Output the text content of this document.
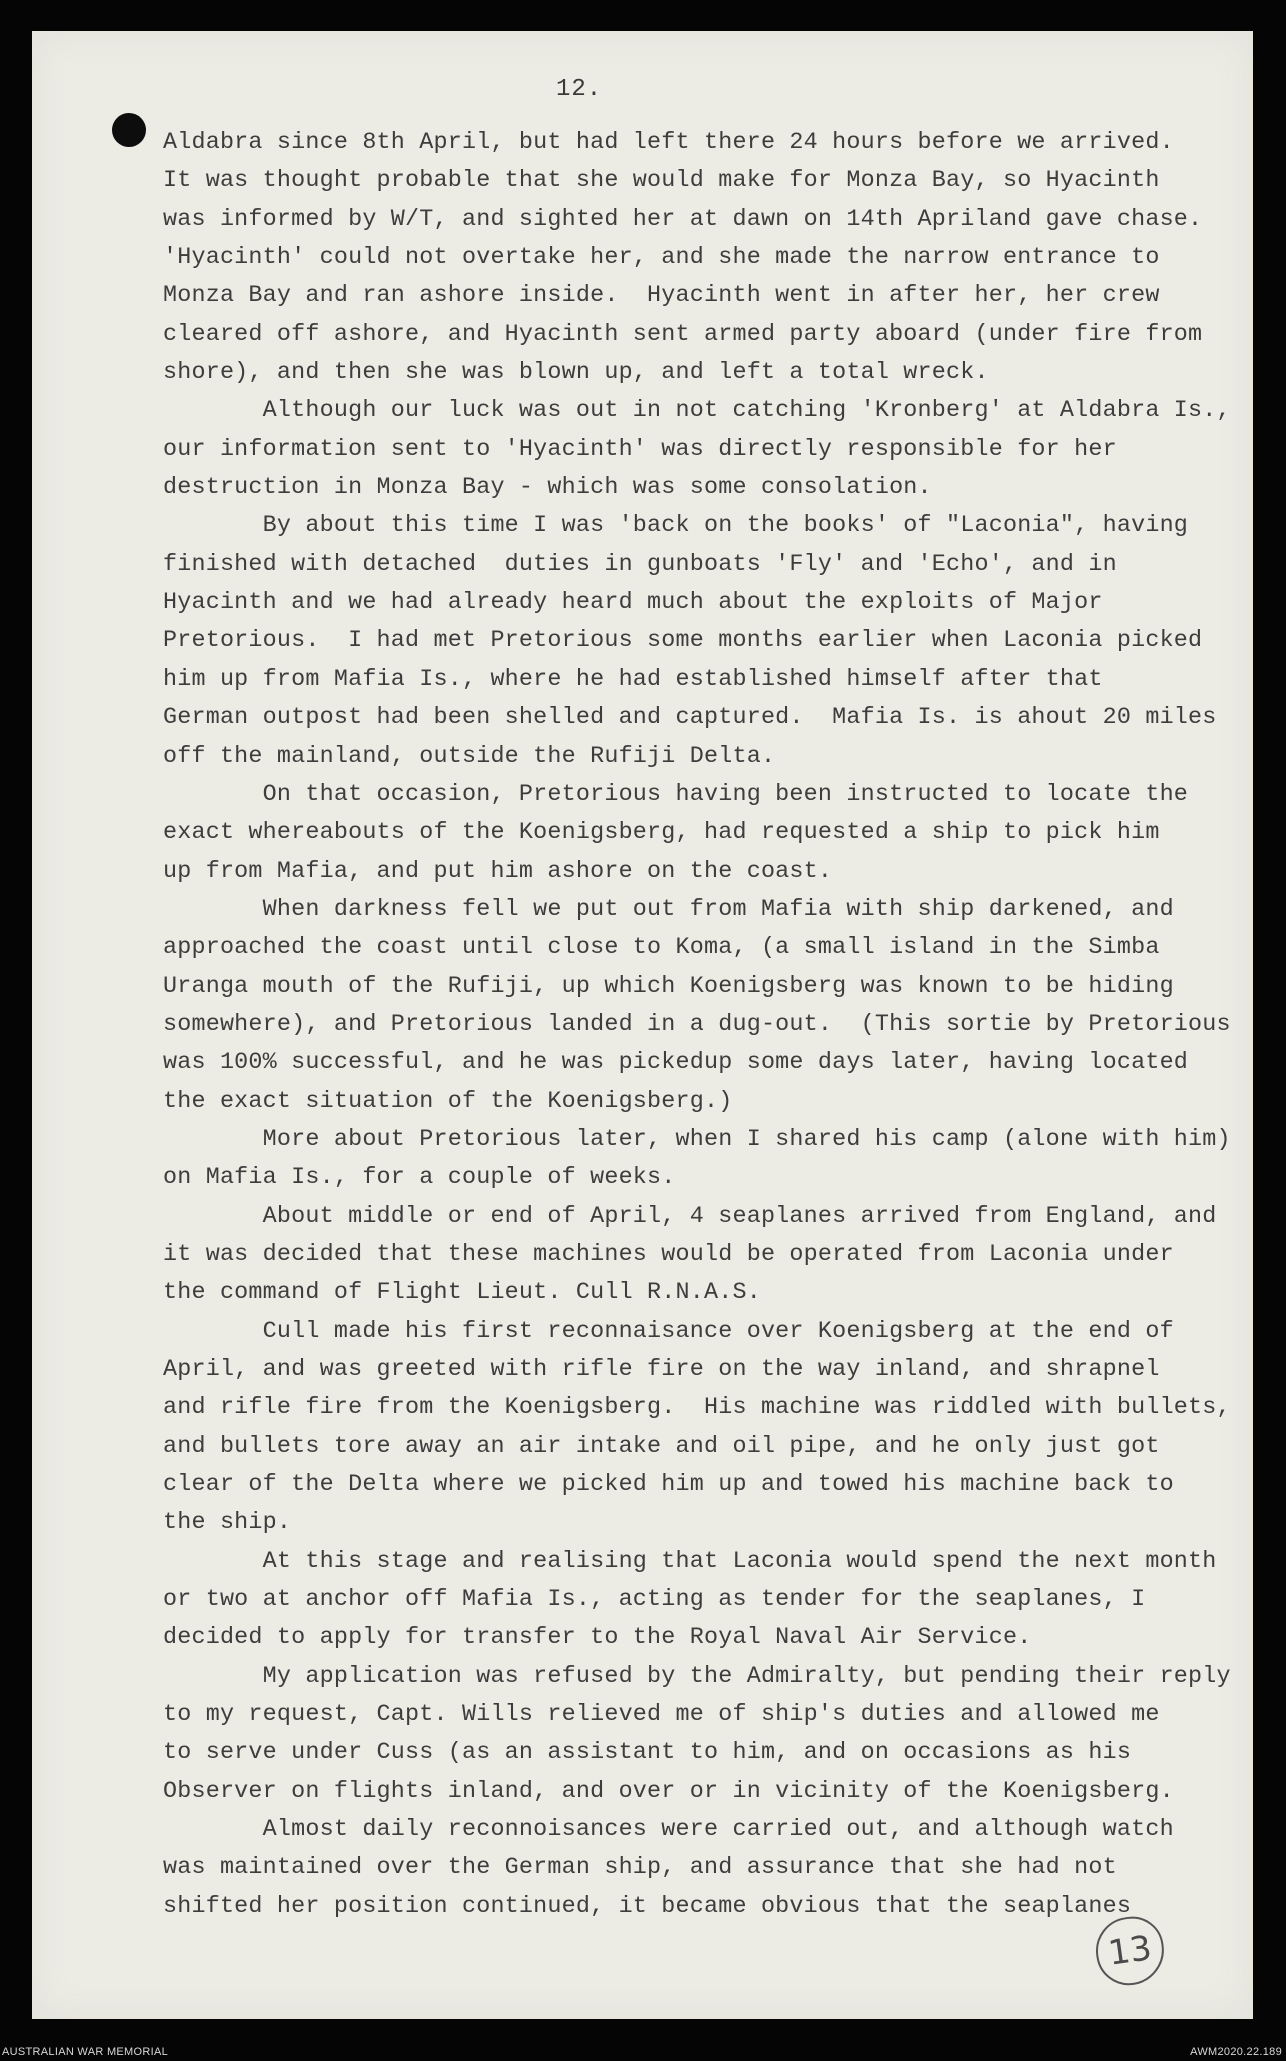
12.
Aldabra since 8th April, but had left there 24 hours before we arrived.
It was thought probable that she would make for Monza Bay, so Hyacinth
was informed by W/T, and sighted her at dawn on 14th Apriland gave chase.
'Hyacinth' could not overtake her, and she made the narrow entrance to
Monza Bay and ran ashore inside.  Hyacinth went in after her, her crew
cleared off ashore, and Hyacinth sent armed party aboard (under fire from
shore), and then she was blown up, and left a total wreck.
Although our luck was out in not catching 'Kronberg' at Aldabra Is.,
our information sent to 'Hyacinth' was directly responsible for her
destruction in Monza Bay - which was some consolation.
By about this time I was 'back on the books' of "Laconia", having
finished with detached  duties in gunboats 'Fly' and 'Echo', and in
Hyacinth and we had already heard much about the exploits of Major
Pretorious.  I had met Pretorious some months earlier when Laconia picked
him up from Mafia Is., where he had established himself after that
German outpost had been shelled and captured.  Mafia Is. is ahout 20 miles
off the mainland, outside the Rufiji Delta.
On that occasion, Pretorious having been instructed to locate the
exact whereabouts of the Koenigsberg, had requested a ship to pick him
up from Mafia, and put him ashore on the coast.
When darkness fell we put out from Mafia with ship darkened, and
approached the coast until close to Koma, (a small island in the Simba
Uranga mouth of the Rufiji, up which Koenigsberg was known to be hiding
somewhere), and Pretorious landed in a dug-out.  (This sortie by Pretorious
was 100% successful, and he was pickedup some days later, having located
the exact situation of the Koenigsberg.)
More about Pretorious later, when I shared his camp (alone with him)
on Mafia Is., for a couple of weeks.
About middle or end of April, 4 seaplanes arrived from England, and
it was decided that these machines would be operated from Laconia under
the command of Flight Lieut. Cull R.N.A.S.
Cull made his first reconnaisance over Koenigsberg at the end of
April, and was greeted with rifle fire on the way inland, and shrapnel
and rifle fire from the Koenigsberg.  His machine was riddled with bullets,
and bullets tore away an air intake and oil pipe, and he only just got
clear of the Delta where we picked him up and towed his machine back to
the ship.
At this stage and realising that Laconia would spend the next month
or two at anchor off Mafia Is., acting as tender for the seaplanes, I
decided to apply for transfer to the Royal Naval Air Service.
My application was refused by the Admiralty, but pending their reply
to my request, Capt. Wills relieved me of ship's duties and allowed me
to serve under Cuss (as an assistant to him, and on occasions as his
Observer on flights inland, and over or in vicinity of the Koenigsberg.
Almost daily reconnoisances were carried out, and although watch
was maintained over the German ship, and assurance that she had not
shifted her position continued, it became obvious that the seaplanes
13
AUSTRALIAN WAR MEMORIAL	AWM2020.22.189
